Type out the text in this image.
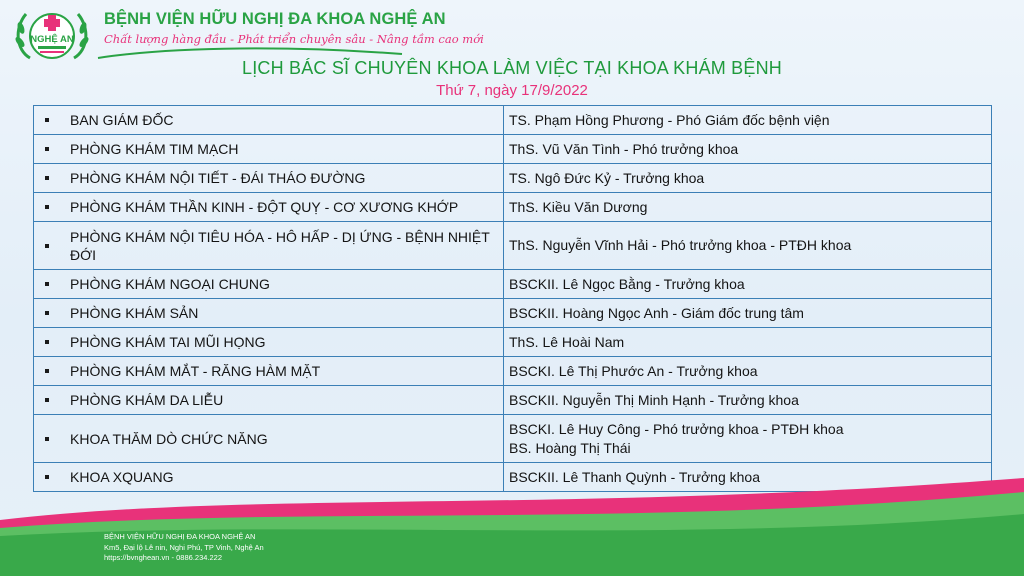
NGHỆ AN
BỆNH VIỆN HỮU NGHỊ ĐA KHOA NGHỆ AN
Chất lượng hàng đầu - Phát triển chuyên sâu - Nâng tầm cao mới
LỊCH BÁC SĨ CHUYÊN KHOA LÀM VIỆC TẠI KHOA KHÁM BỆNH
Thứ 7, ngày 17/9/2022
BAN GIÁM ĐỐC	TS. Phạm Hồng Phương - Phó Giám đốc bệnh viện

PHÒNG KHÁM TIM MẠCH	ThS. Vũ Văn Tình - Phó trưởng khoa

PHÒNG KHÁM NỘI TIẾT - ĐÁI THÁO ĐƯỜNG	TS. Ngô Đức Kỷ - Trưởng khoa

PHÒNG KHÁM THẦN KINH - ĐỘT QUỴ - CƠ XƯƠNG KHỚP	ThS. Kiều Văn Dương

PHÒNG KHÁM NỘI TIÊU HÓA - HÔ HẤP - DỊ ỨNG - BỆNH NHIỆT ĐỚI	ThS. Nguyễn Vĩnh Hải - Phó trưởng khoa - PTĐH khoa

PHÒNG KHÁM NGOẠI CHUNG	BSCKII. Lê Ngọc Bằng - Trưởng khoa

PHÒNG KHÁM SẢN	BSCKII. Hoàng Ngọc Anh - Giám đốc trung tâm

PHÒNG KHÁM TAI MŨI HỌNG	ThS. Lê Hoài Nam

PHÒNG KHÁM MẮT - RĂNG HÀM MẶT	BSCKI. Lê Thị Phước An - Trưởng khoa

PHÒNG KHÁM DA LIỄU	BSCKII. Nguyễn Thị Minh Hạnh - Trưởng khoa

KHOA THĂM DÒ CHỨC NĂNG	BSCKI. Lê Huy Công - Phó trưởng khoa - PTĐH khoa
BS. Hoàng Thị Thái

KHOA XQUANG	BSCKII. Lê Thanh Quỳnh - Trưởng khoa
BỆNH VIỆN HỮU NGHỊ ĐA KHOA NGHỆ AN
Km5, Đại lộ Lê nin, Nghi Phú, TP Vinh, Nghệ An
https://bvnghean.vn - 0886.234.222
